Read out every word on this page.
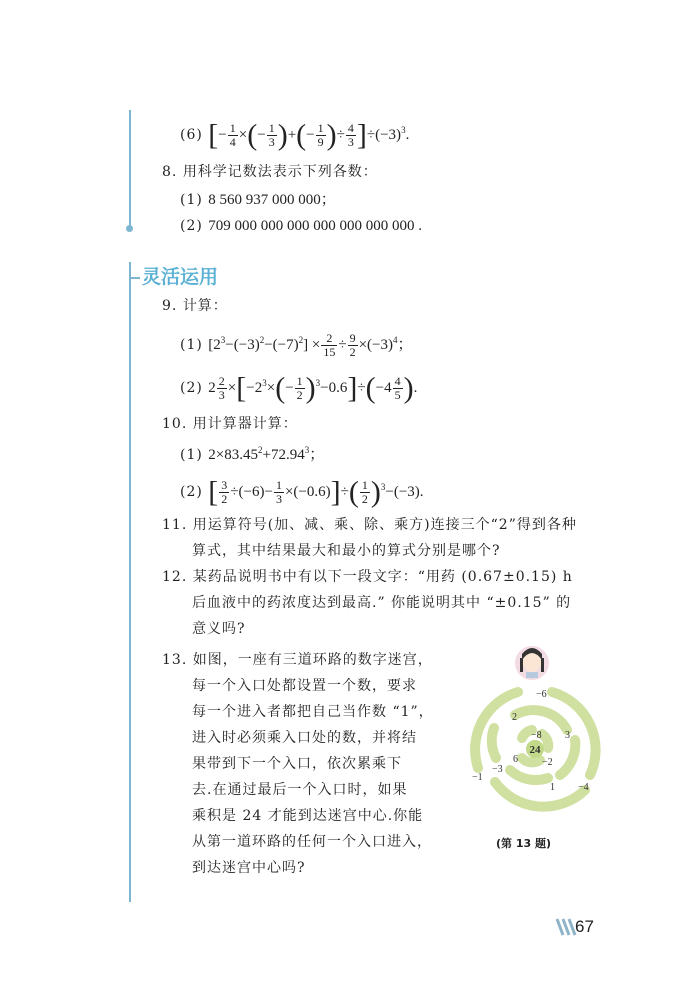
(6) [− $\frac{1}{4}$ ×(− $\frac{1}{3}$ )+(− $\frac{1}{9}$ )÷ $\frac{4}{3} ]\div(-3)^3$.
8. 用科学记数法表示下列各数：
(1) 8 560 937 000 000；
(2) 709 000 000 000 000 000 000 000 .
灵活运用
9. 计算：
(1) $[2^3-(-3)^2-(-7)^2] \times \frac{2}{15} \div \frac{9}{2} \times(-3)^4$；
(2) $2 \frac{2}{3} \times[-2^3\times(- \frac{1}{2} )^3-0.6]\div(-4 \frac{4}{5}$ ).
10. 用计算器计算：
(1) $2\times 83.45^2+72.94^3$；
(2) [ $\frac{3}{2} \div(-6)- \frac{1}{3} \times(-0.6)]\div( \frac{1}{2} )^3-(-3)$.
11. 用运算符号(加、减、乘、除、乘方)连接三个“2”得到各种
算式，其中结果最大和最小的算式分别是哪个?
12. 某药品说明书中有以下一段文字：“用药 (0.67±0.15) h
后血液中的药浓度达到最高.” 你能说明其中 “±0.15” 的
意义吗?
13. 如图，一座有三道环路的数字迷宫，
每一个入口处都设置一个数，要求
每一个进入者都把自己当作数 “1”，
进入时必须乘入口处的数，并将结
果带到下一个入口，依次累乘下
去.在通过最后一个入口时，如果
乘积是 24 才能到达迷宫中心.你能
从第一道环路的任何一个入口进入，
到达迷宫中心吗?
24
−6
−1
−4
2
3
−3
1
−8
6 −2
(第 13 题)
67
